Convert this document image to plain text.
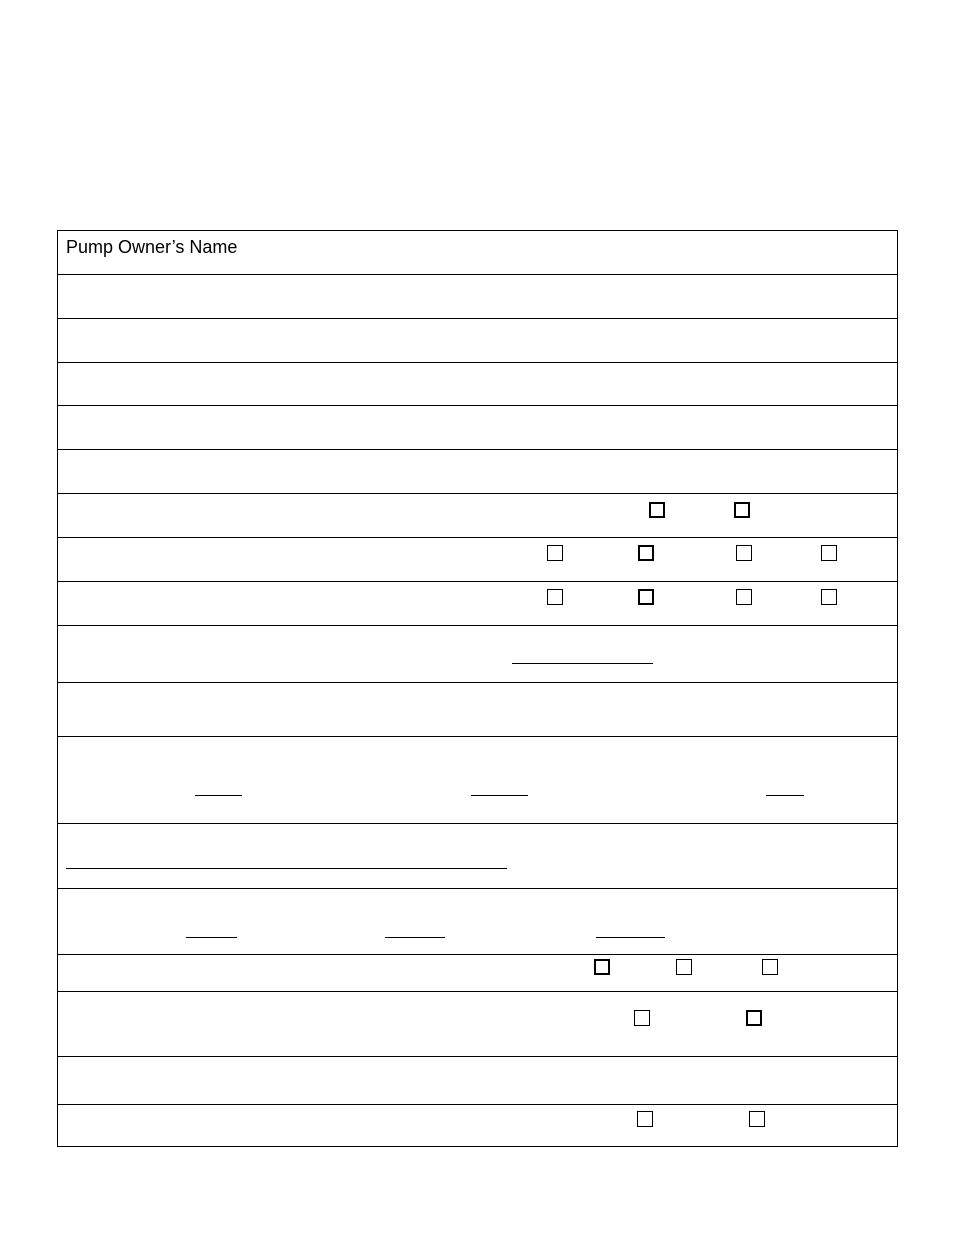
Pump Owner’s Name
